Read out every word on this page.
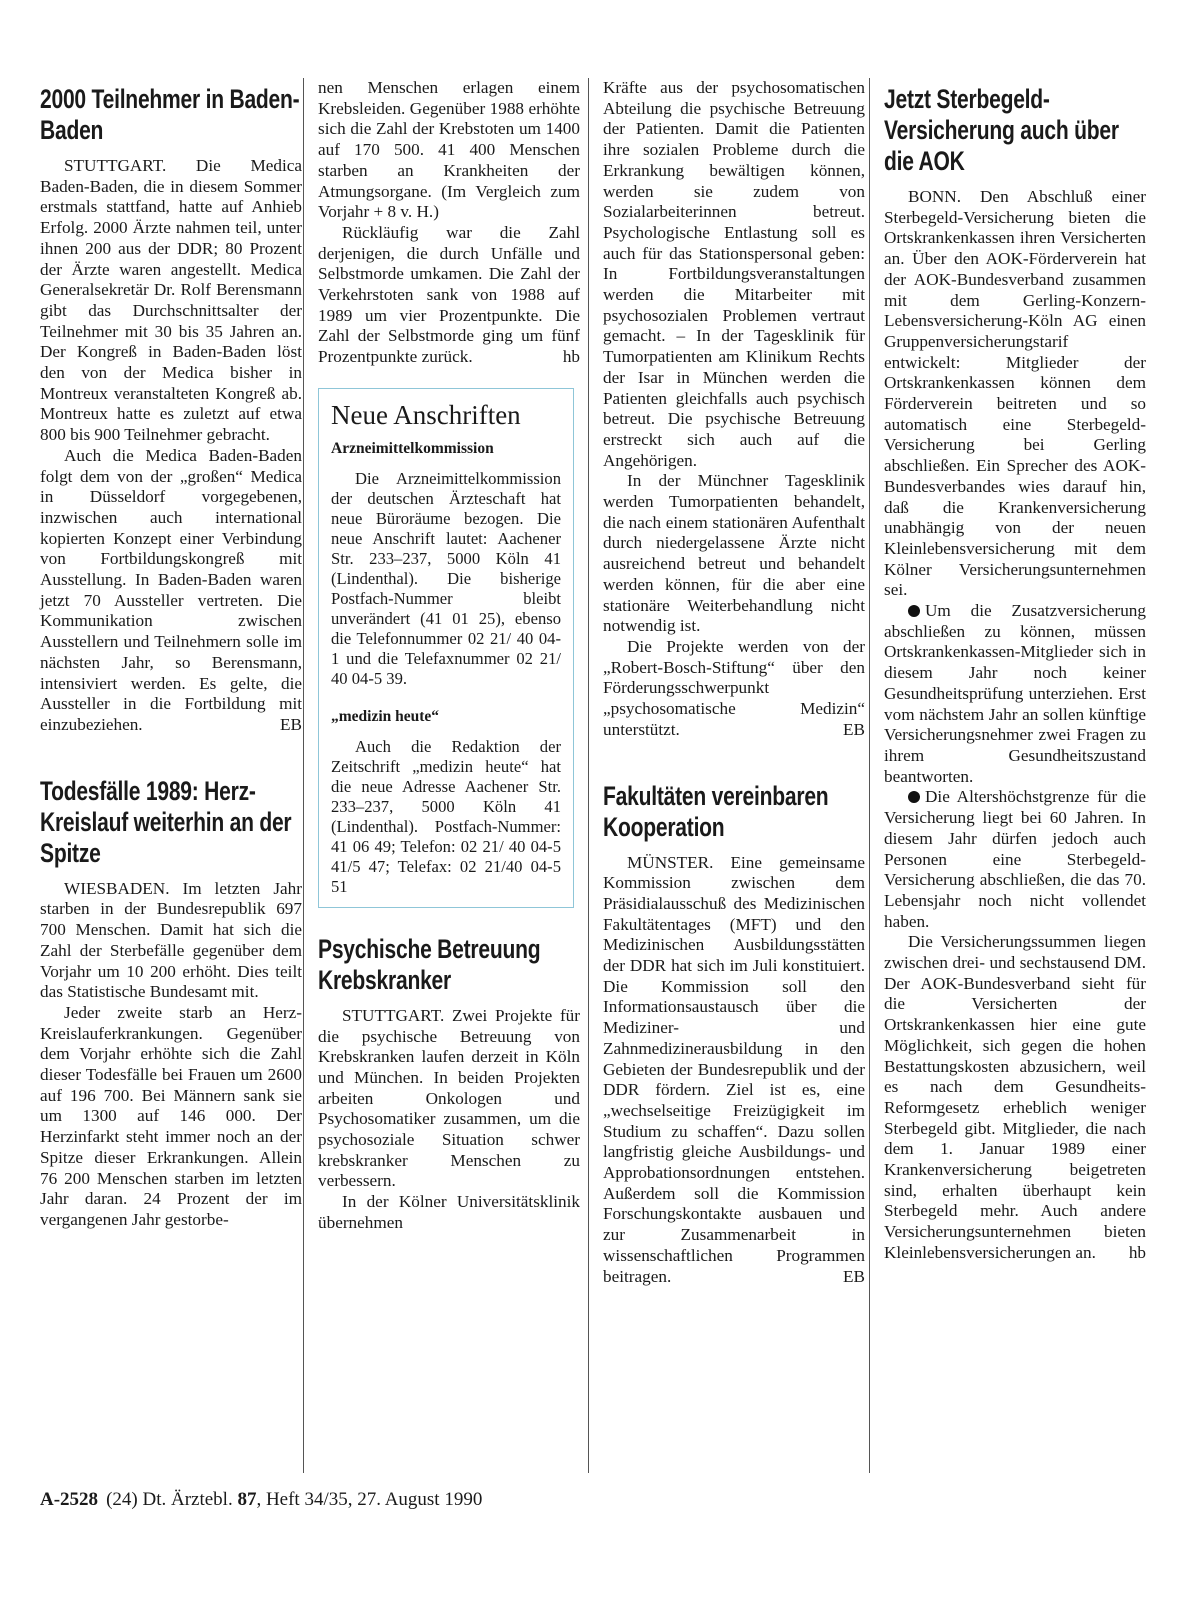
2000 Teilnehmer in Baden-Baden

STUTTGART. Die Medica Baden-Baden, die in diesem Sommer erstmals stattfand, hatte auf Anhieb Erfolg. 2000 Ärzte nahmen teil, unter ihnen 200 aus der DDR; 80 Prozent der Ärzte waren angestellt. Medica Generalsekretär Dr. Rolf Berensmann gibt das Durchschnittsalter der Teilnehmer mit 30 bis 35 Jahren an. Der Kongreß in Baden-Baden löst den von der Medica bisher in Montreux veranstalteten Kongreß ab. Montreux hatte es zuletzt auf etwa 800 bis 900 Teilnehmer gebracht.

Auch die Medica Baden-Baden folgt dem von der „großen“ Medica in Düsseldorf vorgegebenen, inzwischen auch international kopierten Konzept einer Verbindung von Fortbildungskongreß mit Ausstellung. In Baden-Baden waren jetzt 70 Aussteller vertreten. Die Kommunikation zwischen Ausstellern und Teilnehmern solle im nächsten Jahr, so Berensmann, intensiviert werden. Es gelte, die Aussteller in die Fortbildung mit einzubeziehen.	EB

Todesfälle 1989: Herz-Kreislauf weiterhin an der Spitze

WIESBADEN. Im letzten Jahr starben in der Bundesrepublik 697 700 Menschen. Damit hat sich die Zahl der Sterbefälle gegenüber dem Vorjahr um 10 200 erhöht. Dies teilt das Statistische Bundesamt mit.

Jeder zweite starb an Herz-Kreislauferkrankungen. Gegenüber dem Vorjahr erhöhte sich die Zahl dieser Todesfälle bei Frauen um 2600 auf 196 700. Bei Männern sank sie um 1300 auf 146 000. Der Herzinfarkt steht immer noch an der Spitze dieser Erkrankungen. Allein 76 200 Menschen starben im letzten Jahr daran. 24 Prozent der im vergangenen Jahr gestorbe-

nen Menschen erlagen einem Krebsleiden. Gegenüber 1988 erhöhte sich die Zahl der Krebstoten um 1400 auf 170 500. 41 400 Menschen starben an Krankheiten der Atmungsorgane. (Im Vergleich zum Vorjahr + 8 v. H.)

Rückläufig war die Zahl derjenigen, die durch Unfälle und Selbstmorde umkamen. Die Zahl der Verkehrstoten sank von 1988 auf 1989 um vier Prozentpunkte. Die Zahl der Selbstmorde ging um fünf Prozentpunkte zurück.	hb

Neue Anschriften
Arzneimittelkommission

Die Arzneimittelkommission der deutschen Ärzteschaft hat neue Büroräume bezogen. Die neue Anschrift lautet: Aachener Str. 233–237, 5000 Köln 41 (Lindenthal). Die bisherige Postfach-Nummer bleibt unverändert (41 01 25), ebenso die Telefonnummer 02 21/ 40 04-1 und die Telefaxnummer 02 21/ 40 04-5 39.

„medizin heute“

Auch die Redaktion der Zeitschrift „medizin heute“ hat die neue Adresse Aachener Str. 233–237, 5000 Köln 41 (Lindenthal). Postfach-Nummer: 41 06 49; Telefon: 02 21/ 40 04-5 41/5 47; Telefax: 02 21/40 04-5 51

Psychische Betreuung Krebskranker

STUTTGART. Zwei Projekte für die psychische Betreuung von Krebskranken laufen derzeit in Köln und München. In beiden Projekten arbeiten Onkologen und Psychosomatiker zusammen, um die psychosoziale Situation schwer krebskranker Menschen zu verbessern.

In der Kölner Universitätsklinik übernehmen

Kräfte aus der psychosomatischen Abteilung die psychische Betreuung der Patienten. Damit die Patienten ihre sozialen Probleme durch die Erkrankung bewältigen können, werden sie zudem von Sozialarbeiterinnen betreut. Psychologische Entlastung soll es auch für das Stationspersonal geben: In Fortbildungsveranstaltungen werden die Mitarbeiter mit psychosozialen Problemen vertraut gemacht. – In der Tagesklinik für Tumorpatienten am Klinikum Rechts der Isar in München werden die Patienten gleichfalls auch psychisch betreut. Die psychische Betreuung erstreckt sich auch auf die Angehörigen.

In der Münchner Tagesklinik werden Tumorpatienten behandelt, die nach einem stationären Aufenthalt durch niedergelassene Ärzte nicht ausreichend betreut und behandelt werden können, für die aber eine stationäre Weiterbehandlung nicht notwendig ist.

Die Projekte werden von der „Robert-Bosch-Stiftung“ über den Förderungsschwerpunkt „psychosomatische Medizin“ unterstützt.	EB

Fakultäten vereinbaren Kooperation

MÜNSTER. Eine gemeinsame Kommission zwischen dem Präsidialausschuß des Medizinischen Fakultätentages (MFT) und den Medizinischen Ausbildungsstätten der DDR hat sich im Juli konstituiert. Die Kommission soll den Informationsaustausch über die Mediziner- und Zahnmedizinerausbildung in den Gebieten der Bundesrepublik und der DDR fördern. Ziel ist es, eine „wechselseitige Freizügigkeit im Studium zu schaffen“. Dazu sollen langfristig gleiche Ausbildungs- und Approbationsordnungen entstehen. Außerdem soll die Kommission Forschungskontakte ausbauen und zur Zusammenarbeit in wissenschaftlichen Programmen beitragen.	EB

Jetzt Sterbegeld-Versicherung auch über die AOK

BONN. Den Abschluß einer Sterbegeld-Versicherung bieten die Ortskrankenkassen ihren Versicherten an. Über den AOK-Förderverein hat der AOK-Bundesverband zusammen mit dem Gerling-Konzern-Lebensversicherung-Köln AG einen Gruppenversicherungstarif entwickelt: Mitglieder der Ortskrankenkassen können dem Förderverein beitreten und so automatisch eine Sterbegeld-Versicherung bei Gerling abschließen. Ein Sprecher des AOK-Bundesverbandes wies darauf hin, daß die Krankenversicherung unabhängig von der neuen Kleinlebensversicherung mit dem Kölner Versicherungsunternehmen sei.

Um die Zusatzversicherung abschließen zu können, müssen Ortskrankenkassen-Mitglieder sich in diesem Jahr noch keiner Gesundheitsprüfung unterziehen. Erst vom nächstem Jahr an sollen künftige Versicherungsnehmer zwei Fragen zu ihrem Gesundheitszustand beantworten.

Die Altershöchstgrenze für die Versicherung liegt bei 60 Jahren. In diesem Jahr dürfen jedoch auch Personen eine Sterbegeld-Versicherung abschließen, die das 70. Lebensjahr noch nicht vollendet haben.

Die Versicherungssummen liegen zwischen drei- und sechstausend DM. Der AOK-Bundesverband sieht für die Versicherten der Ortskrankenkassen hier eine gute Möglichkeit, sich gegen die hohen Bestattungskosten abzusichern, weil es nach dem Gesundheits-Reformgesetz erheblich weniger Sterbegeld gibt. Mitglieder, die nach dem 1. Januar 1989 einer Krankenversicherung beigetreten sind, erhalten überhaupt kein Sterbegeld mehr. Auch andere Versicherungsunternehmen bieten Kleinlebensversicherungen an.	hb

A-2528 (24) Dt. Ärztebl. 87, Heft 34/35, 27. August 1990
